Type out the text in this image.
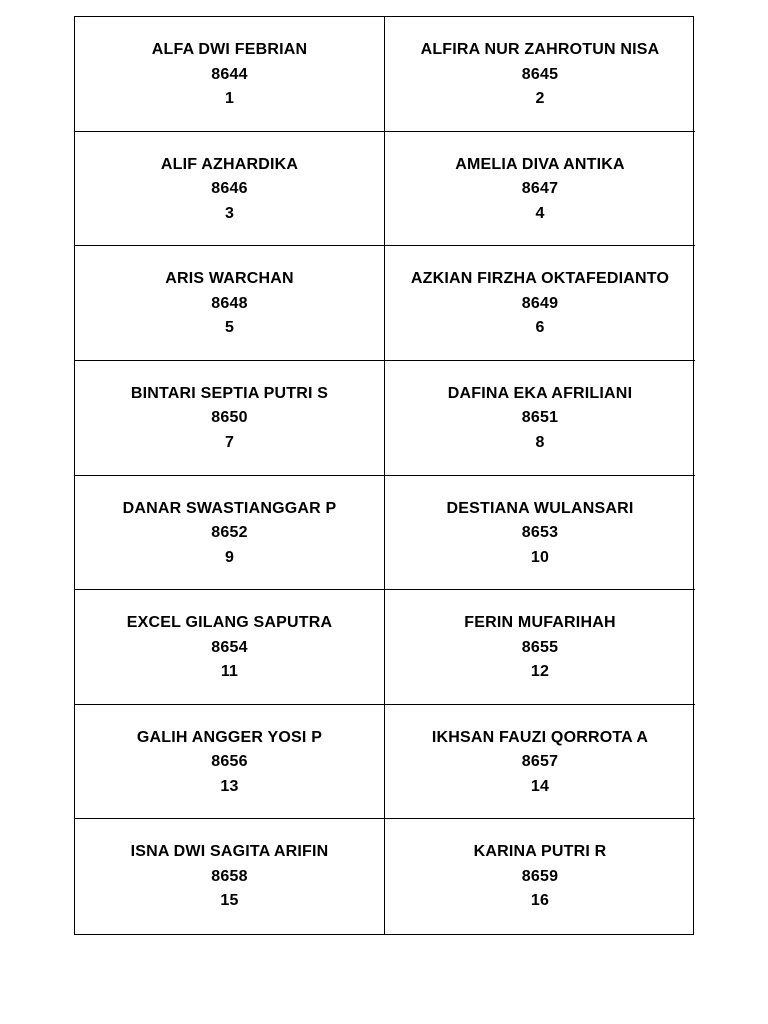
ALFA DWI FEBRIAN
8644
1
ALFIRA NUR ZAHROTUN NISA
8645
2
ALIF AZHARDIKA
8646
3
AMELIA DIVA ANTIKA
8647
4
ARIS WARCHAN
8648
5
AZKIAN FIRZHA OKTAFEDIANTO
8649
6
BINTARI SEPTIA PUTRI S
8650
7
DAFINA EKA AFRILIANI
8651
8
DANAR SWASTIANGGAR P
8652
9
DESTIANA WULANSARI
8653
10
EXCEL GILANG SAPUTRA
8654
11
FERIN MUFARIHAH
8655
12
GALIH ANGGER YOSI P
8656
13
IKHSAN FAUZI QORROTA A
8657
14
ISNA DWI SAGITA ARIFIN
8658
15
KARINA PUTRI R
8659
16
